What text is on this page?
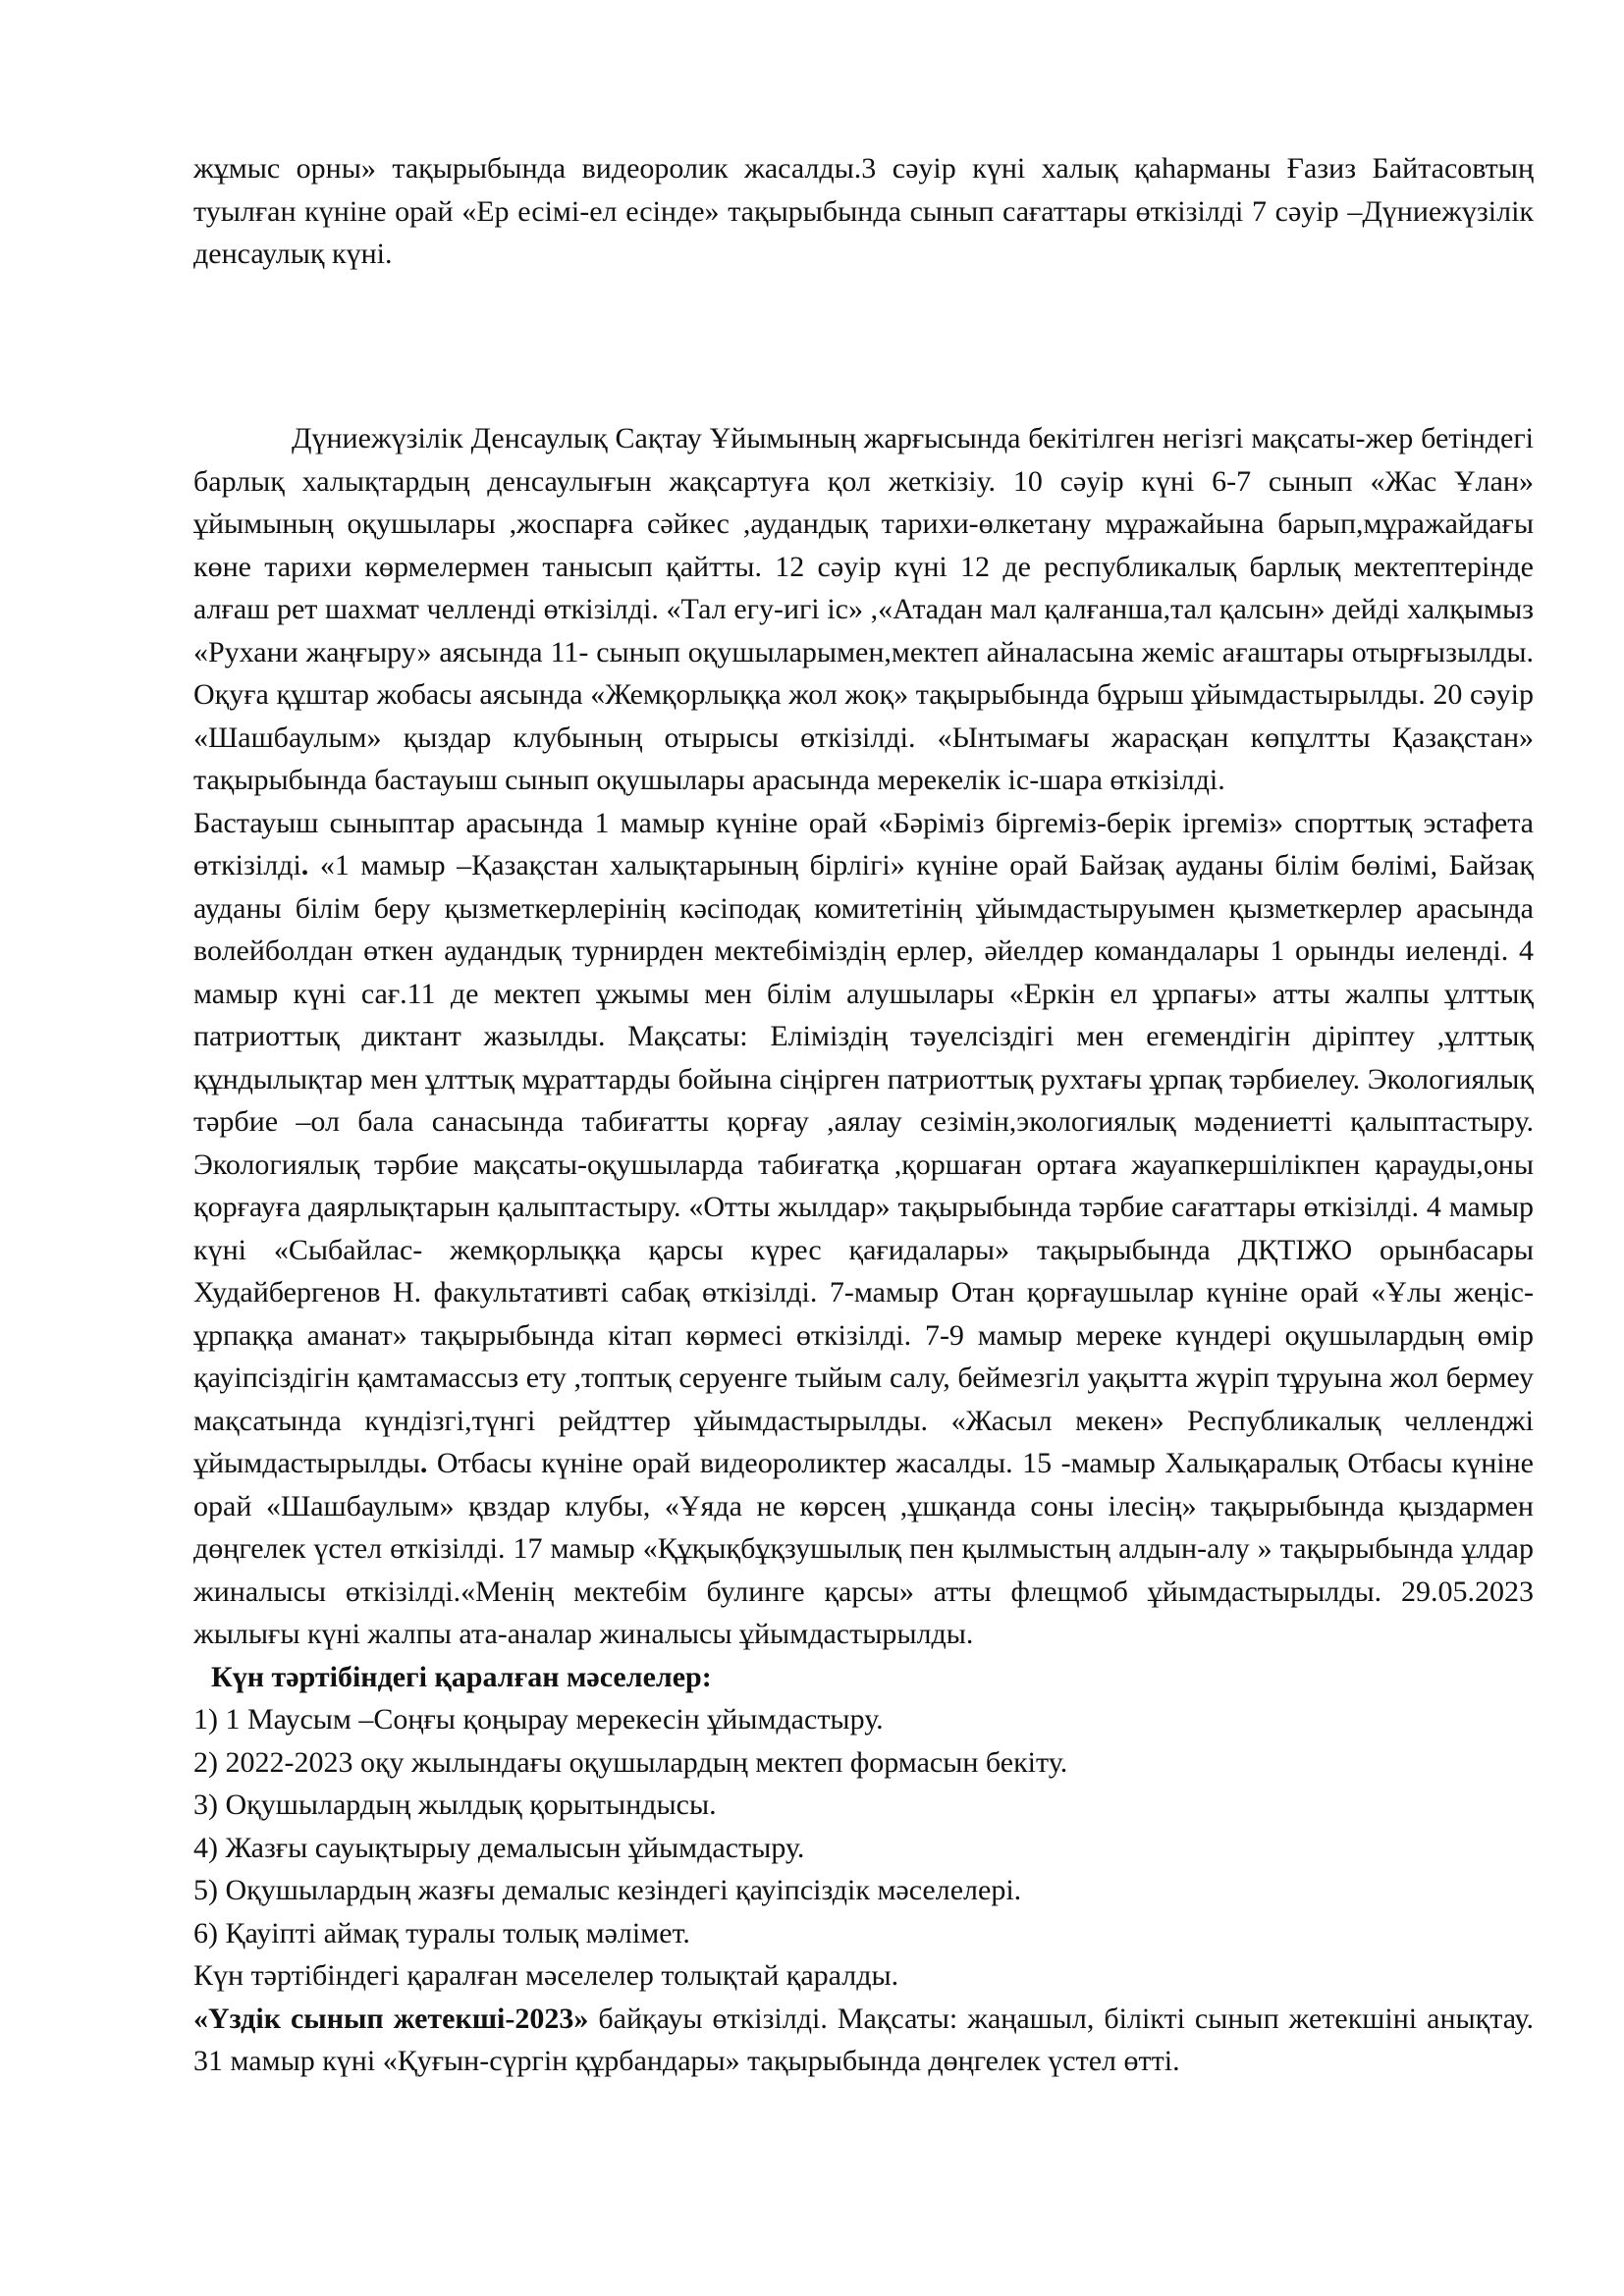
жұмыс орны» тақырыбында видеоролик жасалды.3 сәуір күні халық қаһарманы Ғазиз Байтасовтың туылған күніне орай «Ер есімі-ел есінде» тақырыбында сынып сағаттары өткізілді 7 сәуір –Дүниежүзілік денсаулық күні.

Дүниежүзілік Денсаулық Сақтау Ұйымының жарғысында бекітілген негізгі мақсаты-жер бетіндегі барлық халықтардың денсаулығын жақсартуға қол жеткізіу. 10 сәуір күні 6-7 сынып «Жас Ұлан» ұйымының оқушылары ,жоспарға сәйкес ,аудандық тарихи-өлкетану мұражайына барып,мұражайдағы көне тарихи көрмелермен танысып қайтты. 12 сәуір күні 12 де республикалық барлық мектептерінде алғаш рет шахмат челленді өткізілді. «Тал егу-игі іс» ,«Атадан мал қалғанша,тал қалсын» дейді халқымыз «Рухани жаңғыру» аясында 11- сынып оқушыларымен,мектеп айналасына жеміс ағаштары отырғызылды. Оқуға құштар жобасы аясында «Жемқорлыққа жол жоқ» тақырыбында бұрыш ұйымдастырылды. 20 сәуір «Шашбаулым» қыздар клубының отырысы өткізілді. «Ынтымағы жарасқан көпұлтты Қазақстан» тақырыбында бастауыш сынып оқушылары арасында мерекелік іс-шара өткізілді.

Бастауыш сыныптар арасында 1 мамыр күніне орай «Бәріміз біргеміз-берік іргеміз» спорттық эстафета өткізілді. «1 мамыр –Қазақстан халықтарының бірлігі» күніне орай Байзақ ауданы білім бөлімі, Байзақ ауданы білім беру қызметкерлерінің кәсіподақ комитетінің ұйымдастыруымен қызметкерлер арасында волейболдан өткен аудандық турнирден мектебіміздің ерлер, әйелдер командалары 1 орынды иеленді. 4 мамыр күні сағ.11 де мектеп ұжымы мен білім алушылары «Еркін ел ұрпағы» атты жалпы ұлттық патриоттық диктант жазылды. Мақсаты: Еліміздің тәуелсіздігі мен егемендігін діріптеу ,ұлттық құндылықтар мен ұлттық мұраттарды бойына сіңірген патриоттық рухтағы ұрпақ тәрбиелеу. Экологиялық тәрбие –ол бала санасында табиғатты қорғау ,аялау сезімін,экологиялық мәдениетті қалыптастыру. Экологиялық тәрбие мақсаты-оқушыларда табиғатқа ,қоршаған ортаға жауапкершілікпен қарауды,оны қорғауға даярлықтарын қалыптастыру. «Отты жылдар» тақырыбында тәрбие сағаттары өткізілді. 4 мамыр күні «Сыбайлас- жемқорлыққа қарсы күрес қағидалары» тақырыбында ДҚТІЖО орынбасары Худайбергенов Н. факультативті сабақ өткізілді. 7-мамыр Отан қорғаушылар күніне орай «Ұлы жеңіс-ұрпаққа аманат» тақырыбында кітап көрмесі өткізілді. 7-9 мамыр мереке күндері оқушылардың өмір қауіпсіздігін қамтамассыз ету ,топтық серуенге тыйым салу, беймезгіл уақытта жүріп тұруына жол бермеу мақсатында күндізгі,түнгі рейдттер ұйымдастырылды. «Жасыл мекен» Республикалық челленджі ұйымдастырылды. Отбасы күніне орай видеороликтер жасалды. 15 -мамыр Халықаралық Отбасы күніне орай «Шашбаулым» қвздар клубы, «Ұяда не көрсең ,ұшқанда соны ілесің» тақырыбында қыздармен дөңгелек үстел өткізілді. 17 мамыр «Құқықбұқзушылық пен қылмыстың алдын-алу » тақырыбында ұлдар жиналысы өткізілді.«Менің мектебім булинге қарсы» атты флещмоб ұйымдастырылды. 29.05.2023 жылығы күні жалпы ата-аналар жиналысы ұйымдастырылды.

Күн тәртібіндегі қаралған мәселелер:

1) 1 Маусым –Соңғы қоңырау мерекесін ұйымдастыру.

2) 2022-2023 оқу жылындағы оқушылардың мектеп формасын бекіту.

3) Оқушылардың жылдық қорытындысы.

4) Жазғы сауықтырыу демалысын ұйымдастыру.

5) Оқушылардың жазғы демалыс кезіндегі қауіпсіздік мәселелері.

6) Қауіпті аймақ туралы толық мәлімет.

Күн тәртібіндегі қаралған мәселелер толықтай қаралды.

«Үздік сынып жетекші-2023» байқауы өткізілді. Мақсаты: жаңашыл, білікті сынып жетекшіні анықтау. 31 мамыр күні «Қуғын-сүргін құрбандары» тақырыбында дөңгелек үстел өтті.
